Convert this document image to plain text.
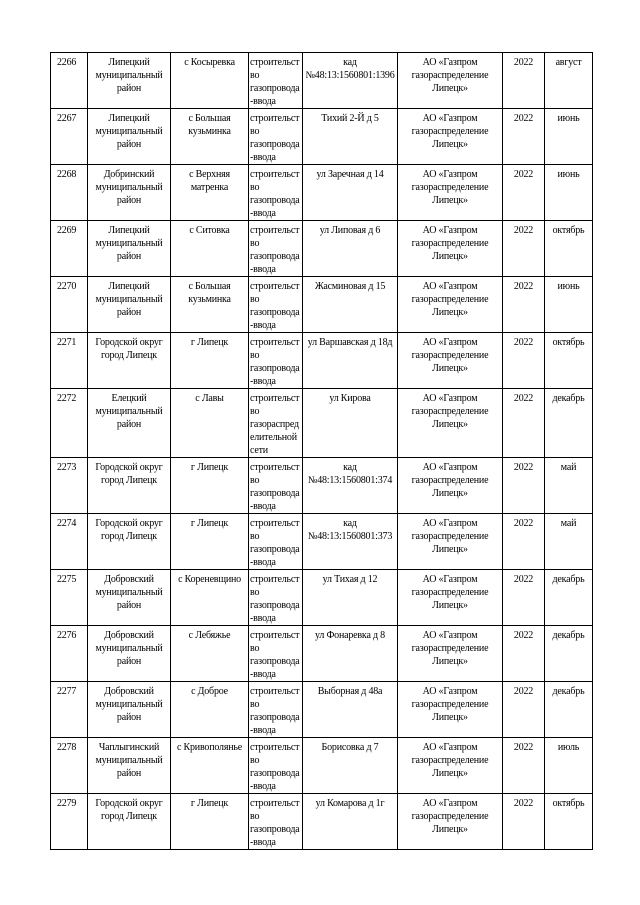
2266	Липецкий муниципальный район	с Косыревка	строительство газопровода-ввода	кад №48:13:1560801:1396	АО «Газпром газораспределение Липецк»	2022	август
2267	Липецкий муниципальный район	с Большая кузьминка	строительство газопровода-ввода	Тихий 2-Й д 5	АО «Газпром газораспределение Липецк»	2022	июнь
2268	Добринский муниципальный район	с Верхняя матренка	строительство газопровода-ввода	ул Заречная д 14	АО «Газпром газораспределение Липецк»	2022	июнь
2269	Липецкий муниципальный район	с Ситовка	строительство газопровода-ввода	ул Липовая д 6	АО «Газпром газораспределение Липецк»	2022	октябрь
2270	Липецкий муниципальный район	с Большая кузьминка	строительство газопровода-ввода	Жасминовая д 15	АО «Газпром газораспределение Липецк»	2022	июнь
2271	Городской округ город Липецк	г Липецк	строительство газопровода-ввода	ул Варшавская д 18д	АО «Газпром газораспределение Липецк»	2022	октябрь
2272	Елецкий муниципальный район	с Лавы	строительство газораспределительной сети	ул Кирова	АО «Газпром газораспределение Липецк»	2022	декабрь
2273	Городской округ город Липецк	г Липецк	строительство газопровода-ввода	кад №48:13:1560801:374	АО «Газпром газораспределение Липецк»	2022	май
2274	Городской округ город Липецк	г Липецк	строительство газопровода-ввода	кад №48:13:1560801:373	АО «Газпром газораспределение Липецк»	2022	май
2275	Добровский муниципальный район	с Кореневщино	строительство газопровода-ввода	ул Тихая д 12	АО «Газпром газораспределение Липецк»	2022	декабрь
2276	Добровский муниципальный район	с Лебяжье	строительство газопровода-ввода	ул Фонаревка д 8	АО «Газпром газораспределение Липецк»	2022	декабрь
2277	Добровский муниципальный район	с Доброе	строительство газопровода-ввода	Выборная д 48а	АО «Газпром газораспределение Липецк»	2022	декабрь
2278	Чаплыгинский муниципальный район	с Кривополянье	строительство газопровода-ввода	Борисовка д 7	АО «Газпром газораспределение Липецк»	2022	июль
2279	Городской округ город Липецк	г Липецк	строительство газопровода-ввода	ул Комарова д 1г	АО «Газпром газораспределение Липецк»	2022	октябрь
